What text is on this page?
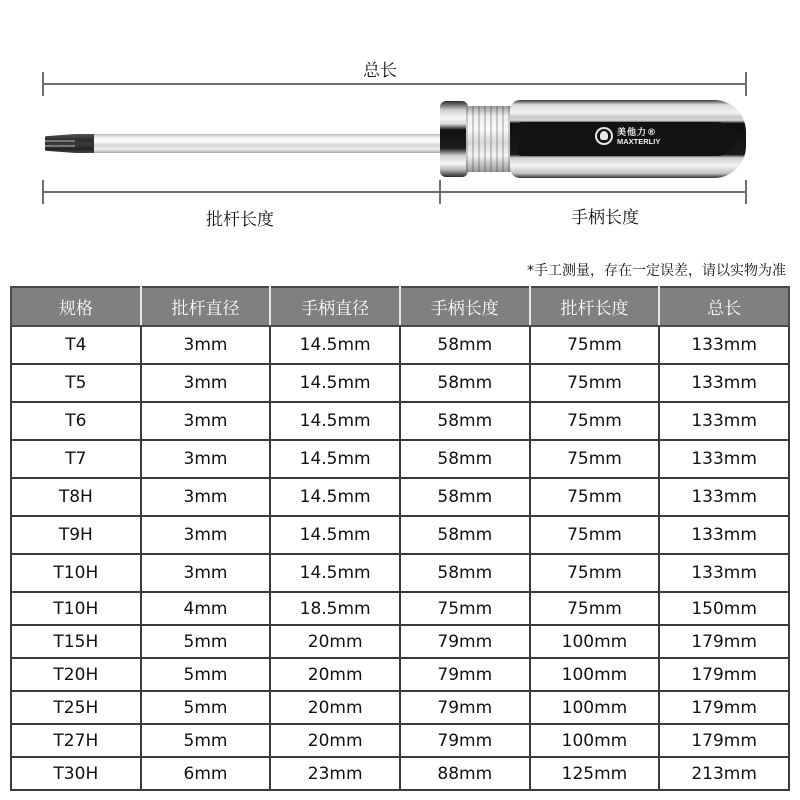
总长
美他力®
MAXTERLIY
批杆长度	手柄长度
*手工测量，存在一定误差，请以实物为准
规格	批杆直径	手柄直径	手柄长度	批杆长度	总长
T4	3mm	14.5mm	58mm	75mm	133mm
T5	3mm	14.5mm	58mm	75mm	133mm
T6	3mm	14.5mm	58mm	75mm	133mm
T7	3mm	14.5mm	58mm	75mm	133mm
T8H	3mm	14.5mm	58mm	75mm	133mm
T9H	3mm	14.5mm	58mm	75mm	133mm
T10H	3mm	14.5mm	58mm	75mm	133mm
T10H	4mm	18.5mm	75mm	75mm	150mm
T15H	5mm	20mm	79mm	100mm	179mm
T20H	5mm	20mm	79mm	100mm	179mm
T25H	5mm	20mm	79mm	100mm	179mm
T27H	5mm	20mm	79mm	100mm	179mm
T30H	6mm	23mm	88mm	125mm	213mm
